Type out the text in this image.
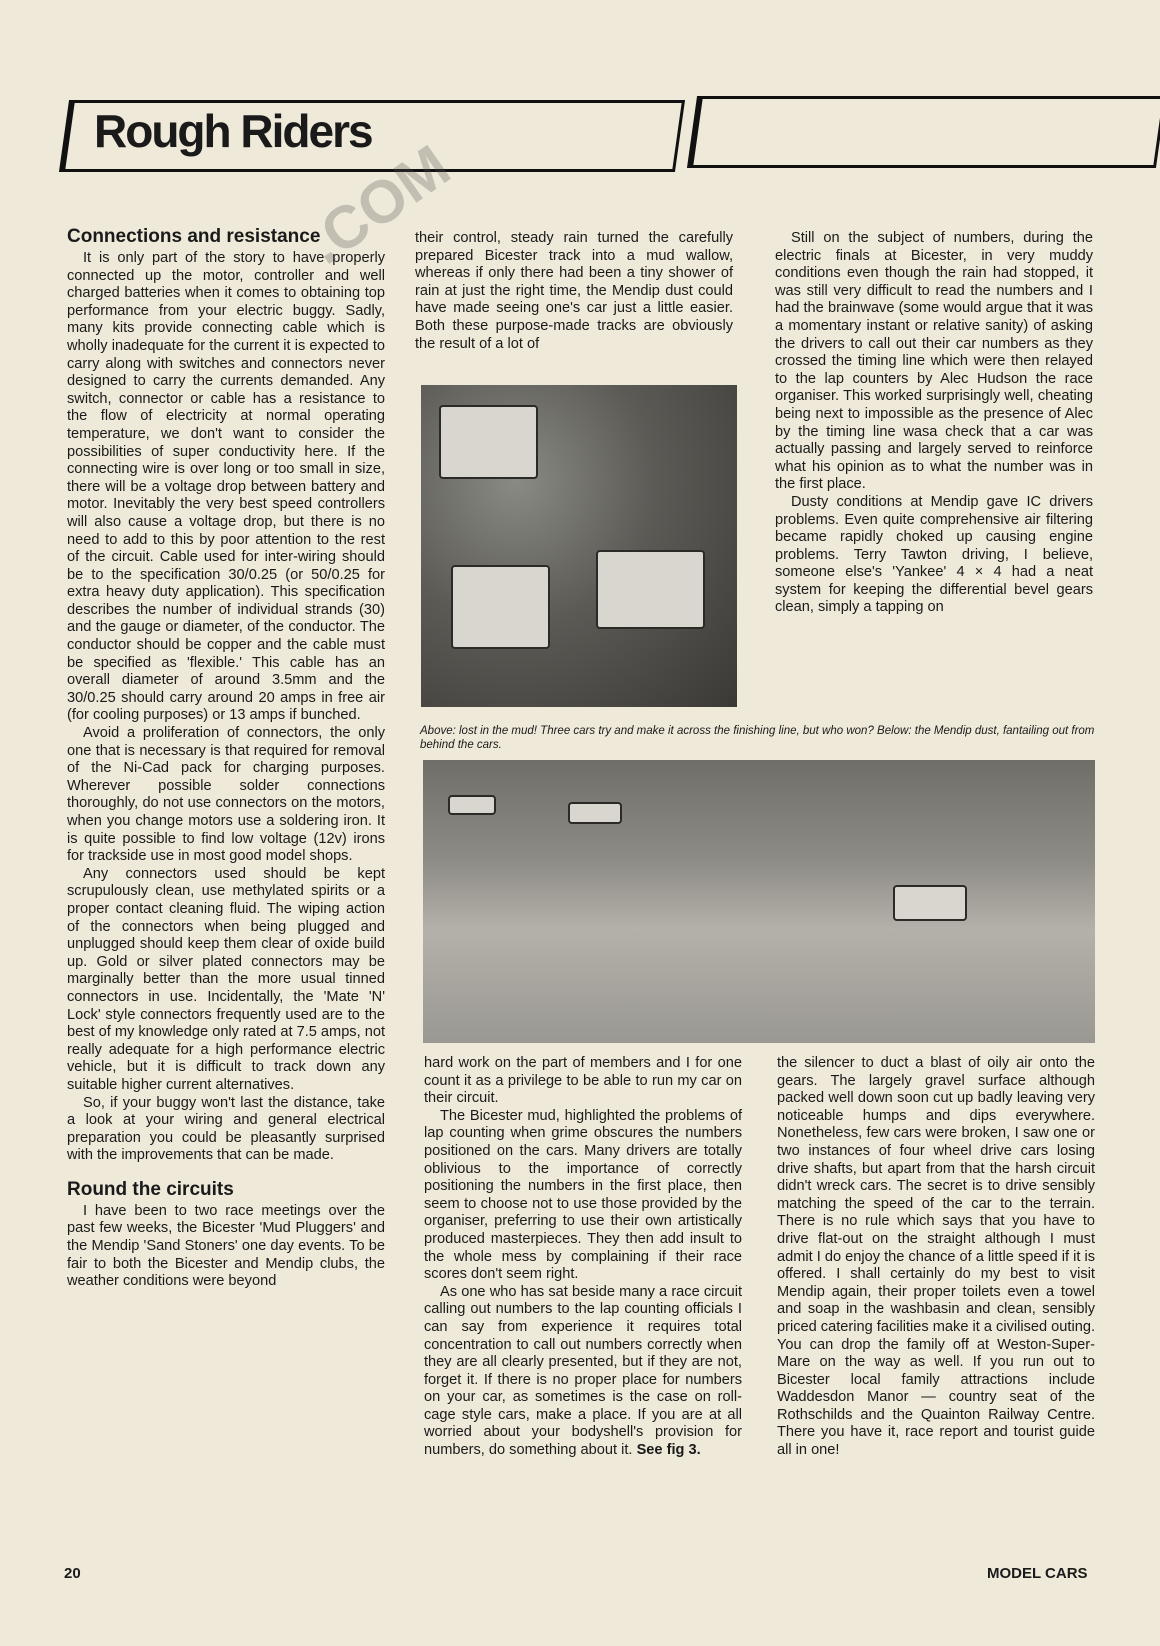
Rough Riders
.COM
Connections and resistance

It is only part of the story to have properly connected up the motor, controller and well charged batteries when it comes to obtaining top performance from your electric buggy. Sadly, many kits provide connecting cable which is wholly inadequate for the current it is expected to carry along with switches and connectors never designed to carry the currents demanded. Any switch, connector or cable has a resistance to the flow of electricity at normal operating temperature, we don't want to consider the possibilities of super conductivity here. If the connecting wire is over long or too small in size, there will be a voltage drop between battery and motor. Inevitably the very best speed controllers will also cause a voltage drop, but there is no need to add to this by poor attention to the rest of the circuit. Cable used for inter-wiring should be to the specification 30/0.25 (or 50/0.25 for extra heavy duty application). This specification describes the number of individual strands (30) and the gauge or diameter, of the conductor. The conductor should be copper and the cable must be specified as 'flexible.' This cable has an overall diameter of around 3.5mm and the 30/0.25 should carry around 20 amps in free air (for cooling purposes) or 13 amps if bunched.

Avoid a proliferation of connectors, the only one that is necessary is that required for removal of the Ni-Cad pack for charging purposes. Wherever possible solder connections thoroughly, do not use connectors on the motors, when you change motors use a soldering iron. It is quite possible to find low voltage (12v) irons for trackside use in most good model shops.

Any connectors used should be kept scrupulously clean, use methylated spirits or a proper contact cleaning fluid. The wiping action of the connectors when being plugged and unplugged should keep them clear of oxide build up. Gold or silver plated connectors may be marginally better than the more usual tinned connectors in use. Incidentally, the 'Mate 'N' Lock' style connectors frequently used are to the best of my knowledge only rated at 7.5 amps, not really adequate for a high performance electric vehicle, but it is difficult to track down any suitable higher current alternatives.

So, if your buggy won't last the distance, take a look at your wiring and general electrical preparation you could be pleasantly surprised with the improvements that can be made.

Round the circuits

I have been to two race meetings over the past few weeks, the Bicester 'Mud Pluggers' and the Mendip 'Sand Stoners' one day events. To be fair to both the Bicester and Mendip clubs, the weather conditions were beyond

their control, steady rain turned the carefully prepared Bicester track into a mud wallow, whereas if only there had been a tiny shower of rain at just the right time, the Mendip dust could have made seeing one's car just a little easier. Both these purpose-made tracks are obviously the result of a lot of

Still on the subject of numbers, during the electric finals at Bicester, in very muddy conditions even though the rain had stopped, it was still very difficult to read the numbers and I had the brainwave (some would argue that it was a momentary instant or relative sanity) of asking the drivers to call out their car numbers as they crossed the timing line which were then relayed to the lap counters by Alec Hudson the race organiser. This worked surprisingly well, cheating being next to impossible as the presence of Alec by the timing line wasa check that a car was actually passing and largely served to reinforce what his opinion as to what the number was in the first place.

Dusty conditions at Mendip gave IC drivers problems. Even quite comprehensive air filtering became rapidly choked up causing engine problems. Terry Tawton driving, I believe, someone else's 'Yankee' 4 × 4 had a neat system for keeping the differential bevel gears clean, simply a tapping on

Above: lost in the mud! Three cars try and make it across the finishing line, but who won? Below: the Mendip dust, fantailing out from behind the cars.

hard work on the part of members and I for one count it as a privilege to be able to run my car on their circuit.

The Bicester mud, highlighted the problems of lap counting when grime obscures the numbers positioned on the cars. Many drivers are totally oblivious to the importance of correctly positioning the numbers in the first place, then seem to choose not to use those provided by the organiser, preferring to use their own artistically produced masterpieces. They then add insult to the whole mess by complaining if their race scores don't seem right.

As one who has sat beside many a race circuit calling out numbers to the lap counting officials I can say from experience it requires total concentration to call out numbers correctly when they are all clearly presented, but if they are not, forget it. If there is no proper place for numbers on your car, as sometimes is the case on roll-cage style cars, make a place. If you are at all worried about your bodyshell's provision for numbers, do something about it. See fig 3.

the silencer to duct a blast of oily air onto the gears. The largely gravel surface although packed well down soon cut up badly leaving very noticeable humps and dips everywhere. Nonetheless, few cars were broken, I saw one or two instances of four wheel drive cars losing drive shafts, but apart from that the harsh circuit didn't wreck cars. The secret is to drive sensibly matching the speed of the car to the terrain. There is no rule which says that you have to drive flat-out on the straight although I must admit I do enjoy the chance of a little speed if it is offered. I shall certainly do my best to visit Mendip again, their proper toilets even a towel and soap in the washbasin and clean, sensibly priced catering facilities make it a civilised outing. You can drop the family off at Weston-Super-Mare on the way as well. If you run out to Bicester local family attractions include Waddesdon Manor — country seat of the Rothschilds and the Quainton Railway Centre. There you have it, race report and tourist guide all in one!

20	MODEL CARS
